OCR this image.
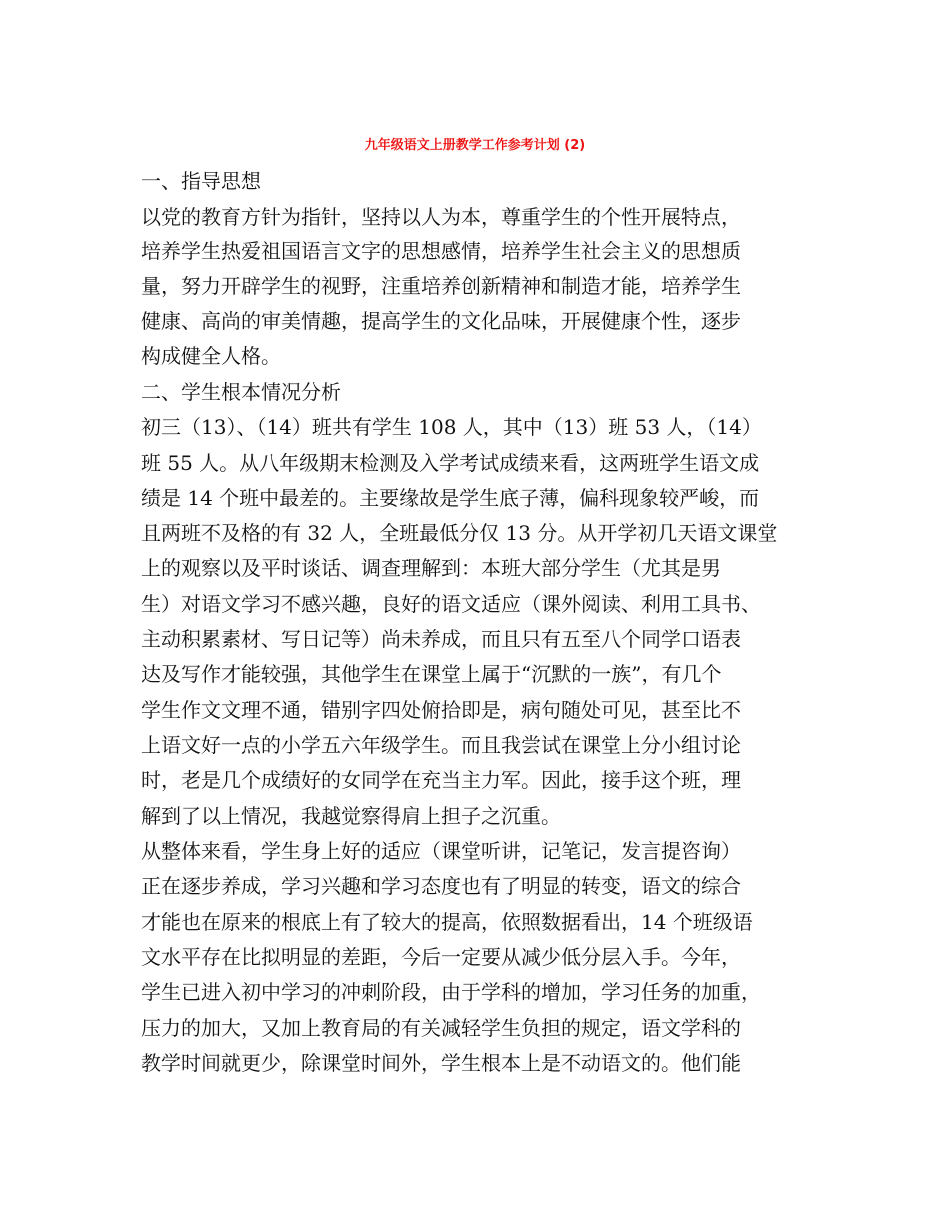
九年级语文上册教学工作参考计划 (2)

一、指导思想

以党的教育方针为指针，坚持以人为本，尊重学生的个性开展特点，

培养学生热爱祖国语言文字的思想感情，培养学生社会主义的思想质

量，努力开辟学生的视野，注重培养创新精神和制造才能，培养学生

健康、高尚的审美情趣，提高学生的文化品味，开展健康个性，逐步

构成健全人格。

二、学生根本情况分析

初三（13）、（14）班共有学生 108 人，其中（13）班 53 人，（14）

班 55 人。从八年级期末检测及入学考试成绩来看，这两班学生语文成

绩是 14 个班中最差的。主要缘故是学生底子薄，偏科现象较严峻，而

且两班不及格的有 32 人，全班最低分仅 13 分。从开学初几天语文课堂

上的观察以及平时谈话、调查理解到：本班大部分学生（尤其是男

生）对语文学习不感兴趣，良好的语文适应（课外阅读、利用工具书、

主动积累素材、写日记等）尚未养成，而且只有五至八个同学口语表

达及写作才能较强，其他学生在课堂上属于“沉默的一族”，有几个

学生作文文理不通，错别字四处俯拾即是，病句随处可见，甚至比不

上语文好一点的小学五六年级学生。而且我尝试在课堂上分小组讨论

时，老是几个成绩好的女同学在充当主力军。因此，接手这个班，理

解到了以上情况，我越觉察得肩上担子之沉重。

从整体来看，学生身上好的适应（课堂听讲，记笔记，发言提咨询）

正在逐步养成，学习兴趣和学习态度也有了明显的转变，语文的综合

才能也在原来的根底上有了较大的提高，依照数据看出，14 个班级语

文水平存在比拟明显的差距，今后一定要从减少低分层入手。今年，

学生已进入初中学习的冲刺阶段，由于学科的增加，学习任务的加重，

压力的加大，又加上教育局的有关减轻学生负担的规定，语文学科的

教学时间就更少，除课堂时间外，学生根本上是不动语文的。他们能
